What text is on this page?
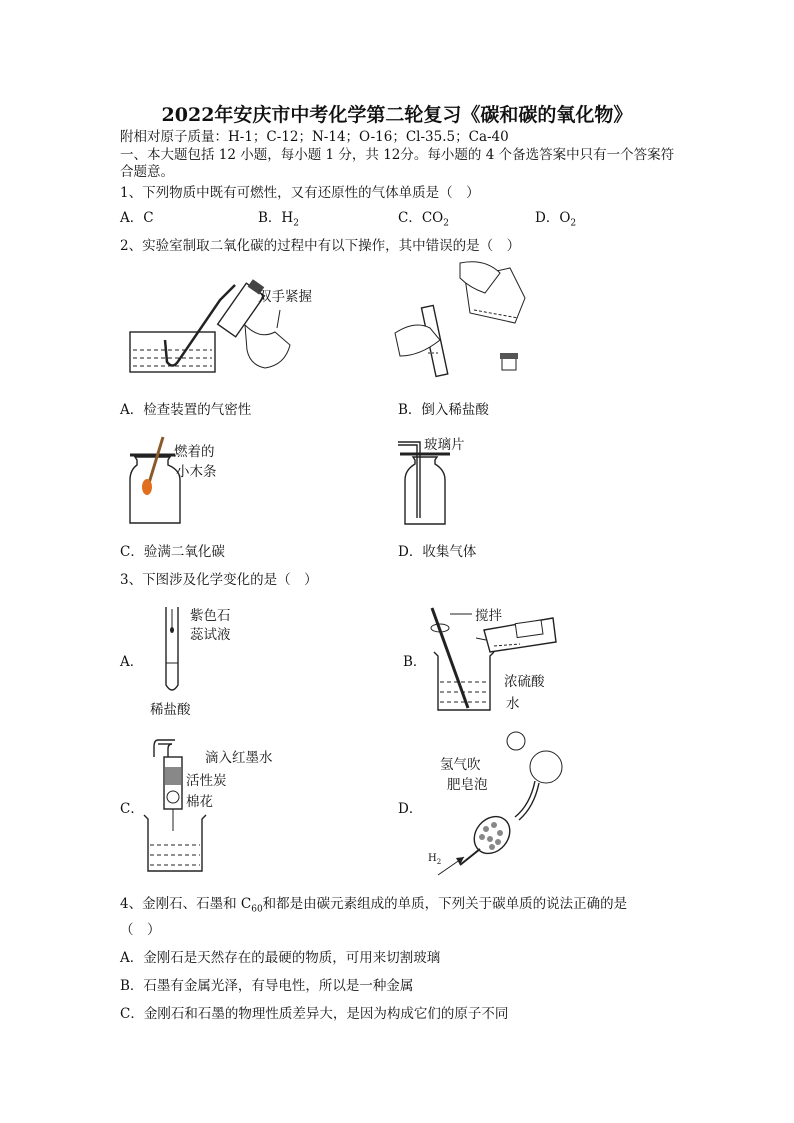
2022年安庆市中考化学第二轮复习《碳和碳的氧化物》
附相对原子质量：H-1；C-12；N-14；O-16；Cl-35.5；Ca-40
一、本大题包括 12 小题，每小题 1 分，共 12分。每小题的 4 个备选答案中只有一个答案符
合题意。
1、下列物质中既有可燃性，又有还原性的气体单质是（　）
A．C	B．$H_2$	C．$CO_2$	D．$O_2$
2、实验室制取二氧化碳的过程中有以下操作，其中错误的是（　）
双手紧握
A．检查装置的气密性	B．倒入稀盐酸
燃着的
小木条
玻璃片
C．验满二氧化碳	D．收集气体
3、下图涉及化学变化的是（　）
A．
紫色石
蕊试液
稀盐酸
B．
搅拌
浓硫酸
水
C．
滴入红墨水
活性炭
棉花	D．
氢气吹
肥皂泡
$H_2$
4、金刚石、石墨和 $C_{60}$和都是由碳元素组成的单质，下列关于碳单质的说法正确的是
（　）
A．金刚石是天然存在的最硬的物质，可用来切割玻璃
B．石墨有金属光泽，有导电性，所以是一种金属
C．金刚石和石墨的物理性质差异大，是因为构成它们的原子不同
